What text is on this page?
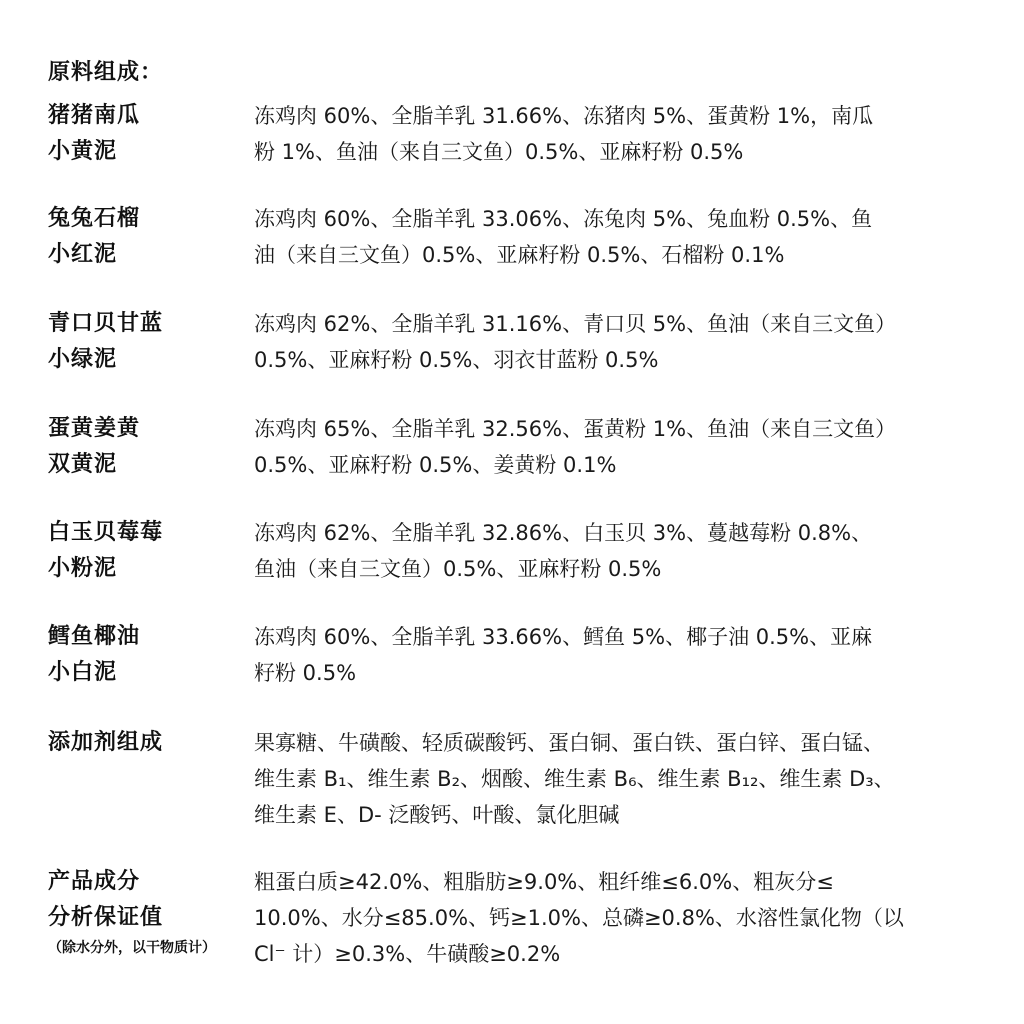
原料组成：
猪猪南瓜
小黄泥
冻鸡肉 60%、全脂羊乳 31.66%、冻猪肉 5%、蛋黄粉 1%，南瓜
粉 1%、鱼油（来自三文鱼）0.5%、亚麻籽粉 0.5%
兔兔石榴
小红泥
冻鸡肉 60%、全脂羊乳 33.06%、冻兔肉 5%、兔血粉 0.5%、鱼
油（来自三文鱼）0.5%、亚麻籽粉 0.5%、石榴粉 0.1%
青口贝甘蓝
小绿泥
冻鸡肉 62%、全脂羊乳 31.16%、青口贝 5%、鱼油（来自三文鱼）
0.5%、亚麻籽粉 0.5%、羽衣甘蓝粉 0.5%
蛋黄姜黄
双黄泥
冻鸡肉 65%、全脂羊乳 32.56%、蛋黄粉 1%、鱼油（来自三文鱼）
0.5%、亚麻籽粉 0.5%、姜黄粉 0.1%
白玉贝莓莓
小粉泥
冻鸡肉 62%、全脂羊乳 32.86%、白玉贝 3%、蔓越莓粉 0.8%、
鱼油（来自三文鱼）0.5%、亚麻籽粉 0.5%
鳕鱼椰油
小白泥
冻鸡肉 60%、全脂羊乳 33.66%、鳕鱼 5%、椰子油 0.5%、亚麻
籽粉 0.5%
添加剂组成	果寡糖、牛磺酸、轻质碳酸钙、蛋白铜、蛋白铁、蛋白锌、蛋白锰、
维生素 B₁、维生素 B₂、烟酸、维生素 B₆、维生素 B₁₂、维生素 D₃、
维生素 E、D- 泛酸钙、叶酸、氯化胆碱
产品成分
分析保证值
（除水分外，以干物质计）
粗蛋白质≥42.0%、粗脂肪≥9.0%、粗纤维≤6.0%、粗灰分≤
10.0%、水分≤85.0%、钙≥1.0%、总磷≥0.8%、水溶性氯化物（以
Cl⁻ 计）≥0.3%、牛磺酸≥0.2%
